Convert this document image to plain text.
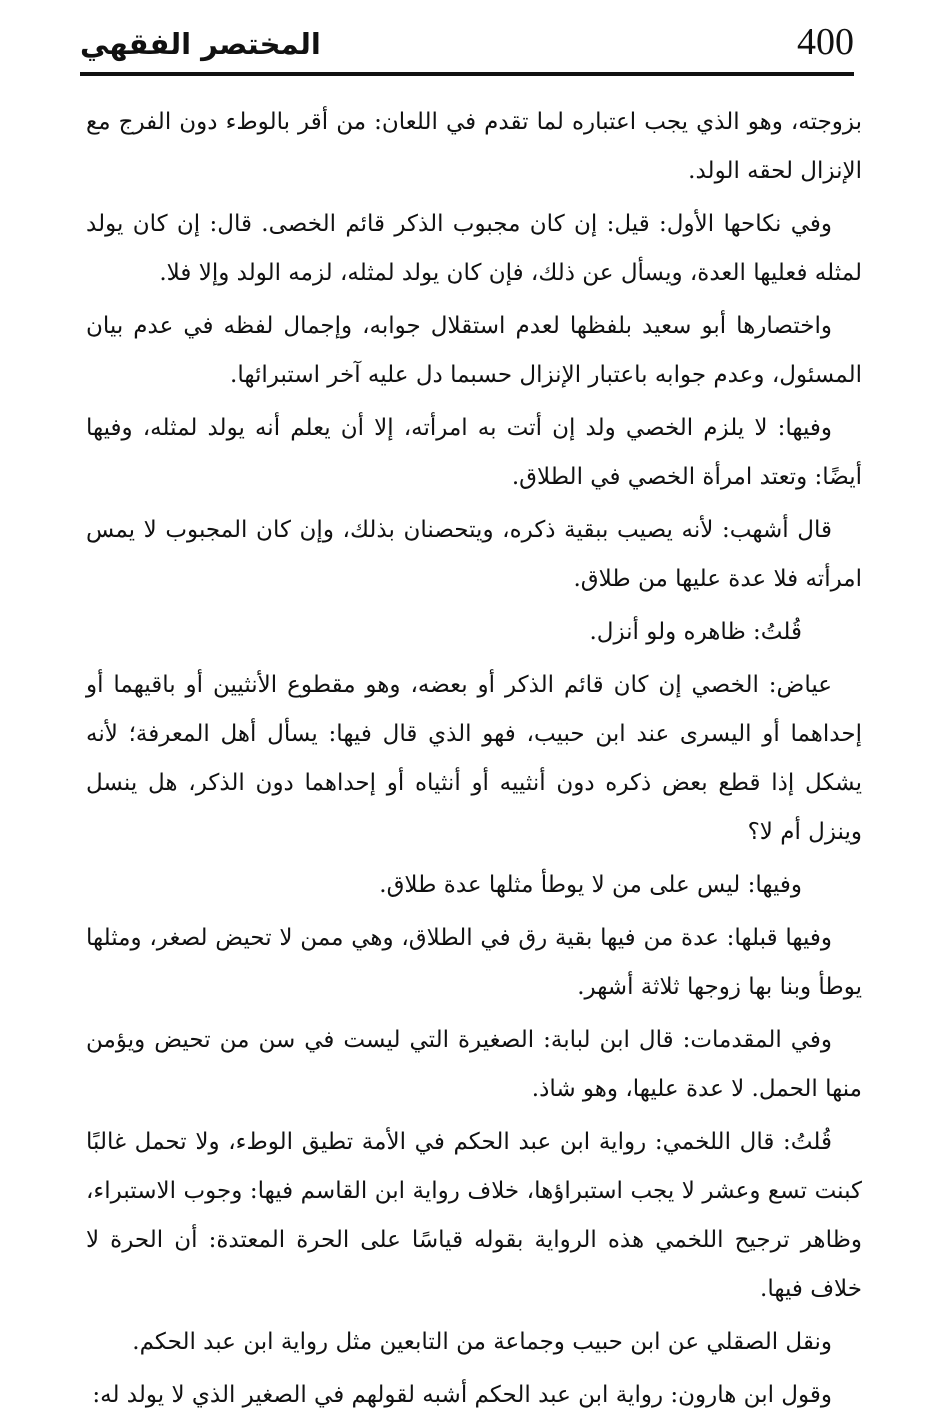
400
المختصر الفقهي

بزوجته، وهو الذي يجب اعتباره لما تقدم في اللعان: من أقر بالوطء دون الفرج مع الإنزال لحقه الولد.

وفي نكاحها الأول: قيل: إن كان مجبوب الذكر قائم الخصى. قال: إن كان يولد لمثله فعليها العدة، ويسأل عن ذلك، فإن كان يولد لمثله، لزمه الولد وإلا فلا.

واختصارها أبو سعيد بلفظها لعدم استقلال جوابه، وإجمال لفظه في عدم بيان المسئول، وعدم جوابه باعتبار الإنزال حسبما دل عليه آخر استبرائها.

وفيها: لا يلزم الخصي ولد إن أتت به امرأته، إلا أن يعلم أنه يولد لمثله، وفيها أيضًا: وتعتد امرأة الخصي في الطلاق.

قال أشهب: لأنه يصيب ببقية ذكره، ويتحصنان بذلك، وإن كان المجبوب لا يمس امرأته فلا عدة عليها من طلاق.

قُلتُ: ظاهره ولو أنزل.

عياض: الخصي إن كان قائم الذكر أو بعضه، وهو مقطوع الأنثيين أو باقيهما أو إحداهما أو اليسرى عند ابن حبيب، فهو الذي قال فيها: يسأل أهل المعرفة؛ لأنه يشكل إذا قطع بعض ذكره دون أنثييه أو أنثياه أو إحداهما دون الذكر، هل ينسل وينزل أم لا؟

وفيها: ليس على من لا يوطأ مثلها عدة طلاق.

وفيها قبلها: عدة من فيها بقية رق في الطلاق، وهي ممن لا تحيض لصغر، ومثلها يوطأ وبنا بها زوجها ثلاثة أشهر.

وفي المقدمات: قال ابن لبابة: الصغيرة التي ليست في سن من تحيض ويؤمن منها الحمل. لا عدة عليها، وهو شاذ.

قُلتُ: قال اللخمي: رواية ابن عبد الحكم في الأمة تطيق الوطء، ولا تحمل غالبًا كبنت تسع وعشر لا يجب استبراؤها، خلاف رواية ابن القاسم فيها: وجوب الاستبراء، وظاهر ترجيح اللخمي هذه الرواية بقوله قياسًا على الحرة المعتدة: أن الحرة لا خلاف فيها.

ونقل الصقلي عن ابن حبيب وجماعة من التابعين مثل رواية ابن عبد الحكم.

وقول ابن هارون: رواية ابن عبد الحكم أشبه لقولهم في الصغير الذي لا يولد له:
